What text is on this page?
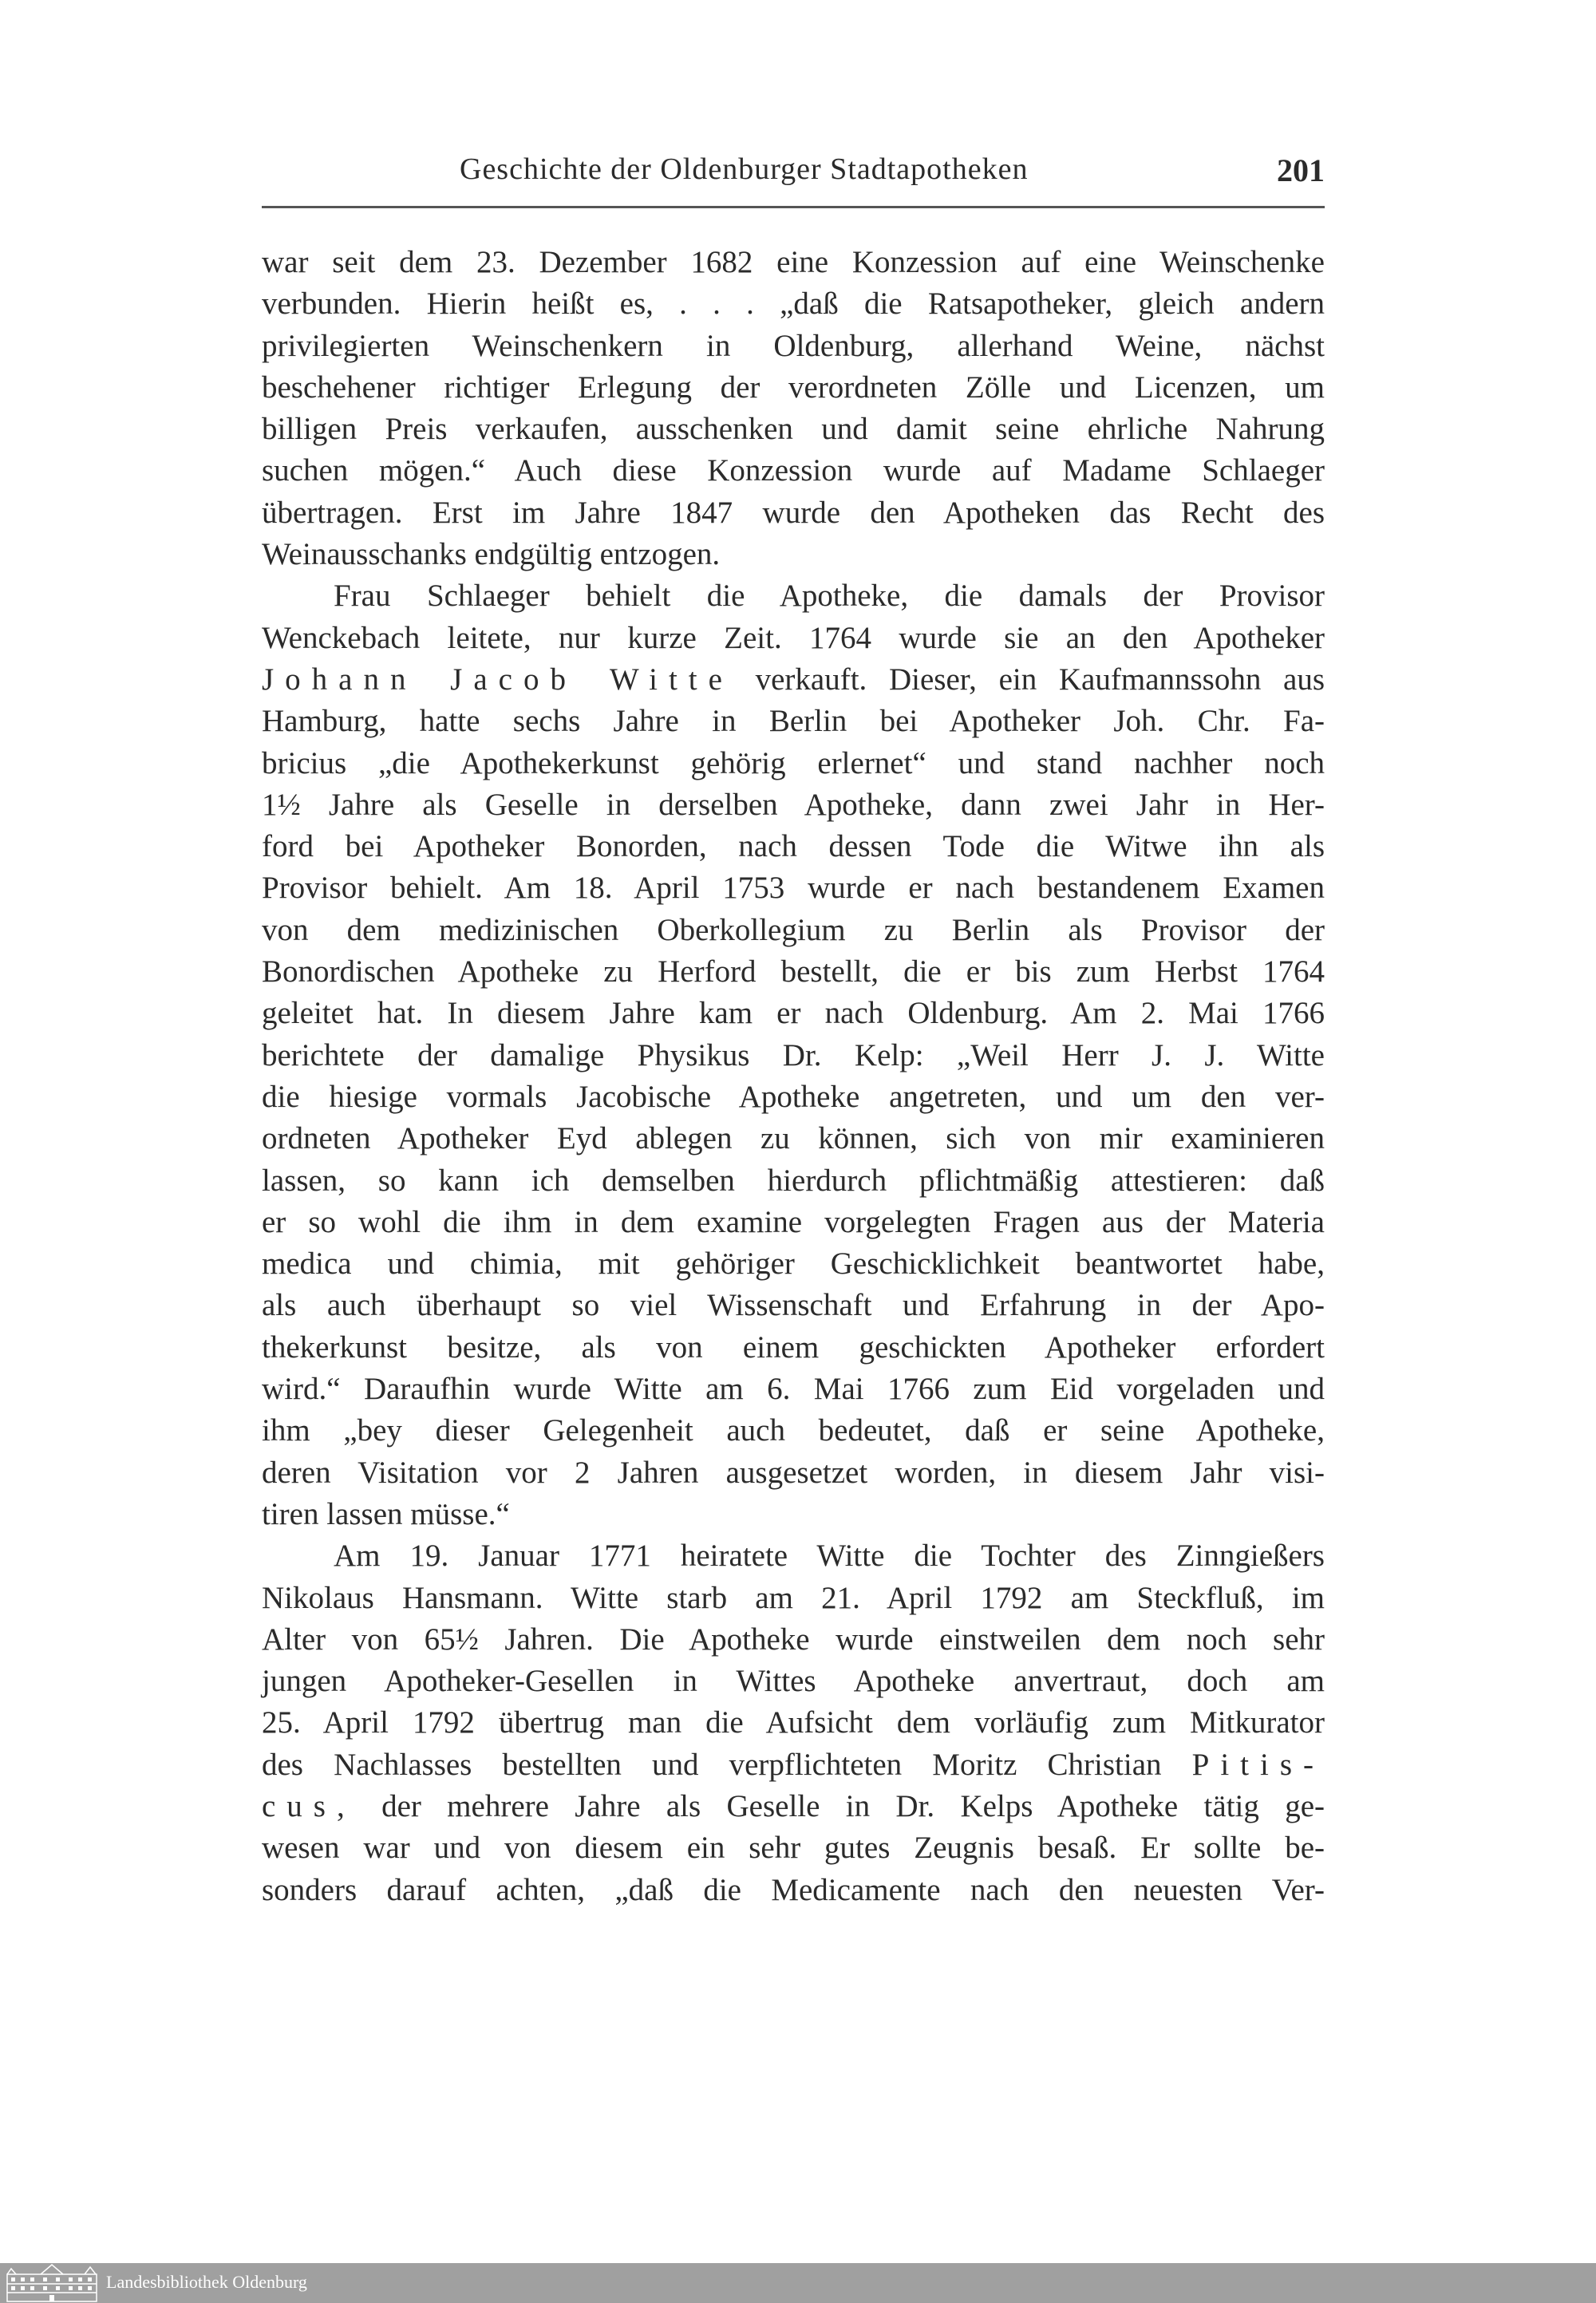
Geschichte der Oldenburger Stadtapotheken	201
war seit dem 23. Dezember 1682 eine Konzession auf eine Weinschenke
verbunden. Hierin heißt es, . . . „daß die Ratsapotheker, gleich andern
privilegierten Weinschenkern in Oldenburg, allerhand Weine, nächst
beschehener richtiger Erlegung der verordneten Zölle und Licenzen, um
billigen Preis verkaufen, ausschenken und damit seine ehrliche Nahrung
suchen mögen.“ Auch diese Konzession wurde auf Madame Schlaeger
übertragen. Erst im Jahre 1847 wurde den Apotheken das Recht des
Weinausschanks endgültig entzogen.
Frau Schlaeger behielt die Apotheke, die damals der Provisor
Wenckebach leitete, nur kurze Zeit. 1764 wurde sie an den Apotheker
Johann Jacob Witte verkauft. Dieser, ein Kaufmannssohn aus
Hamburg, hatte sechs Jahre in Berlin bei Apotheker Joh. Chr. Fa-
bricius „die Apothekerkunst gehörig erlernet“ und stand nachher noch
1½ Jahre als Geselle in derselben Apotheke, dann zwei Jahr in Her-
ford bei Apotheker Bonorden, nach dessen Tode die Witwe ihn als
Provisor behielt. Am 18. April 1753 wurde er nach bestandenem Examen
von dem medizinischen Oberkollegium zu Berlin als Provisor der
Bonordischen Apotheke zu Herford bestellt, die er bis zum Herbst 1764
geleitet hat. In diesem Jahre kam er nach Oldenburg. Am 2. Mai 1766
berichtete der damalige Physikus Dr. Kelp: „Weil Herr J. J. Witte
die hiesige vormals Jacobische Apotheke angetreten, und um den ver-
ordneten Apotheker Eyd ablegen zu können, sich von mir examinieren
lassen, so kann ich demselben hierdurch pflichtmäßig attestieren: daß
er so wohl die ihm in dem examine vorgelegten Fragen aus der Materia
medica und chimia, mit gehöriger Geschicklichkeit beantwortet habe,
als auch überhaupt so viel Wissenschaft und Erfahrung in der Apo-
thekerkunst besitze, als von einem geschickten Apotheker erfordert
wird.“ Daraufhin wurde Witte am 6. Mai 1766 zum Eid vorgeladen und
ihm „bey dieser Gelegenheit auch bedeutet, daß er seine Apotheke,
deren Visitation vor 2 Jahren ausgesetzet worden, in diesem Jahr visi-
tiren lassen müsse.“
Am 19. Januar 1771 heiratete Witte die Tochter des Zinngießers
Nikolaus Hansmann. Witte starb am 21. April 1792 am Steckfluß, im
Alter von 65½ Jahren. Die Apotheke wurde einstweilen dem noch sehr
jungen Apotheker-Gesellen in Wittes Apotheke anvertraut, doch am
25. April 1792 übertrug man die Aufsicht dem vorläufig zum Mitkurator
des Nachlasses bestellten und verpflichteten Moritz Christian Pitis-
cus, der mehrere Jahre als Geselle in Dr. Kelps Apotheke tätig ge-
wesen war und von diesem ein sehr gutes Zeugnis besaß. Er sollte be-
sonders darauf achten, „daß die Medicamente nach den neuesten Ver-
Landesbibliothek Oldenburg
